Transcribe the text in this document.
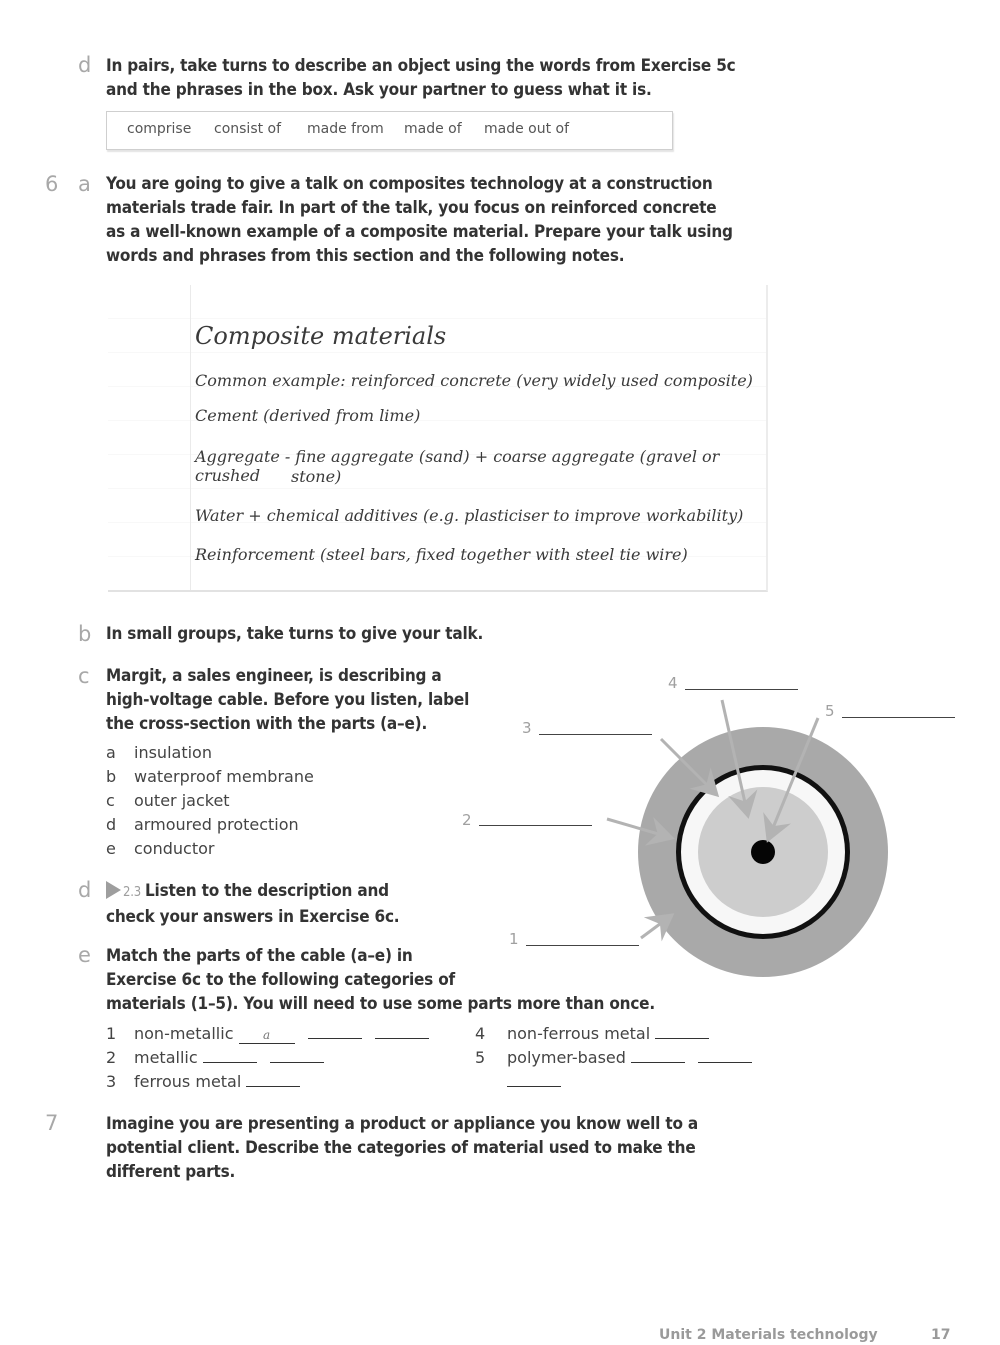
d In pairs, take turns to describe an object using the words from Exercise 5c
and the phrases in the box. Ask your partner to guess what it is.
comprise consist of made from made of made out of
6 a You are going to give a talk on composites technology at a construction
materials trade fair. In part of the talk, you focus on reinforced concrete
as a well-known example of a composite material. Prepare your talk using
words and phrases from this section and the following notes.
Composite materials
Common example: reinforced concrete (very widely used composite)
Cement (derived from lime)
Aggregate - fine aggregate (sand) + coarse aggregate (gravel or crushed	stone)
Water + chemical additives (e.g. plasticiser to improve workability)
Reinforcement (steel bars, fixed together with steel tie wire)
b In small groups, take turns to give your talk.
c Margit, a sales engineer, is describing a
high-voltage cable. Before you listen, label
the cross-section with the parts (a–e).
a insulation
b waterproof membrane
c outer jacket
d armoured protection
e conductor
1
2
3
4
5
d	2.3 Listen to the description and
check your answers in Exercise 6c.
e Match the parts of the cable (a–e) in
Exercise 6c to the following categories of
materials (1–5). You will need to use some parts more than once.
1 non-metallic a
2 metallic
3 ferrous metal
4 non-ferrous metal
5 polymer-based
7	Imagine you are presenting a product or appliance you know well to a
potential client. Describe the categories of material used to make the
different parts.
Unit 2 Materials technology	17
